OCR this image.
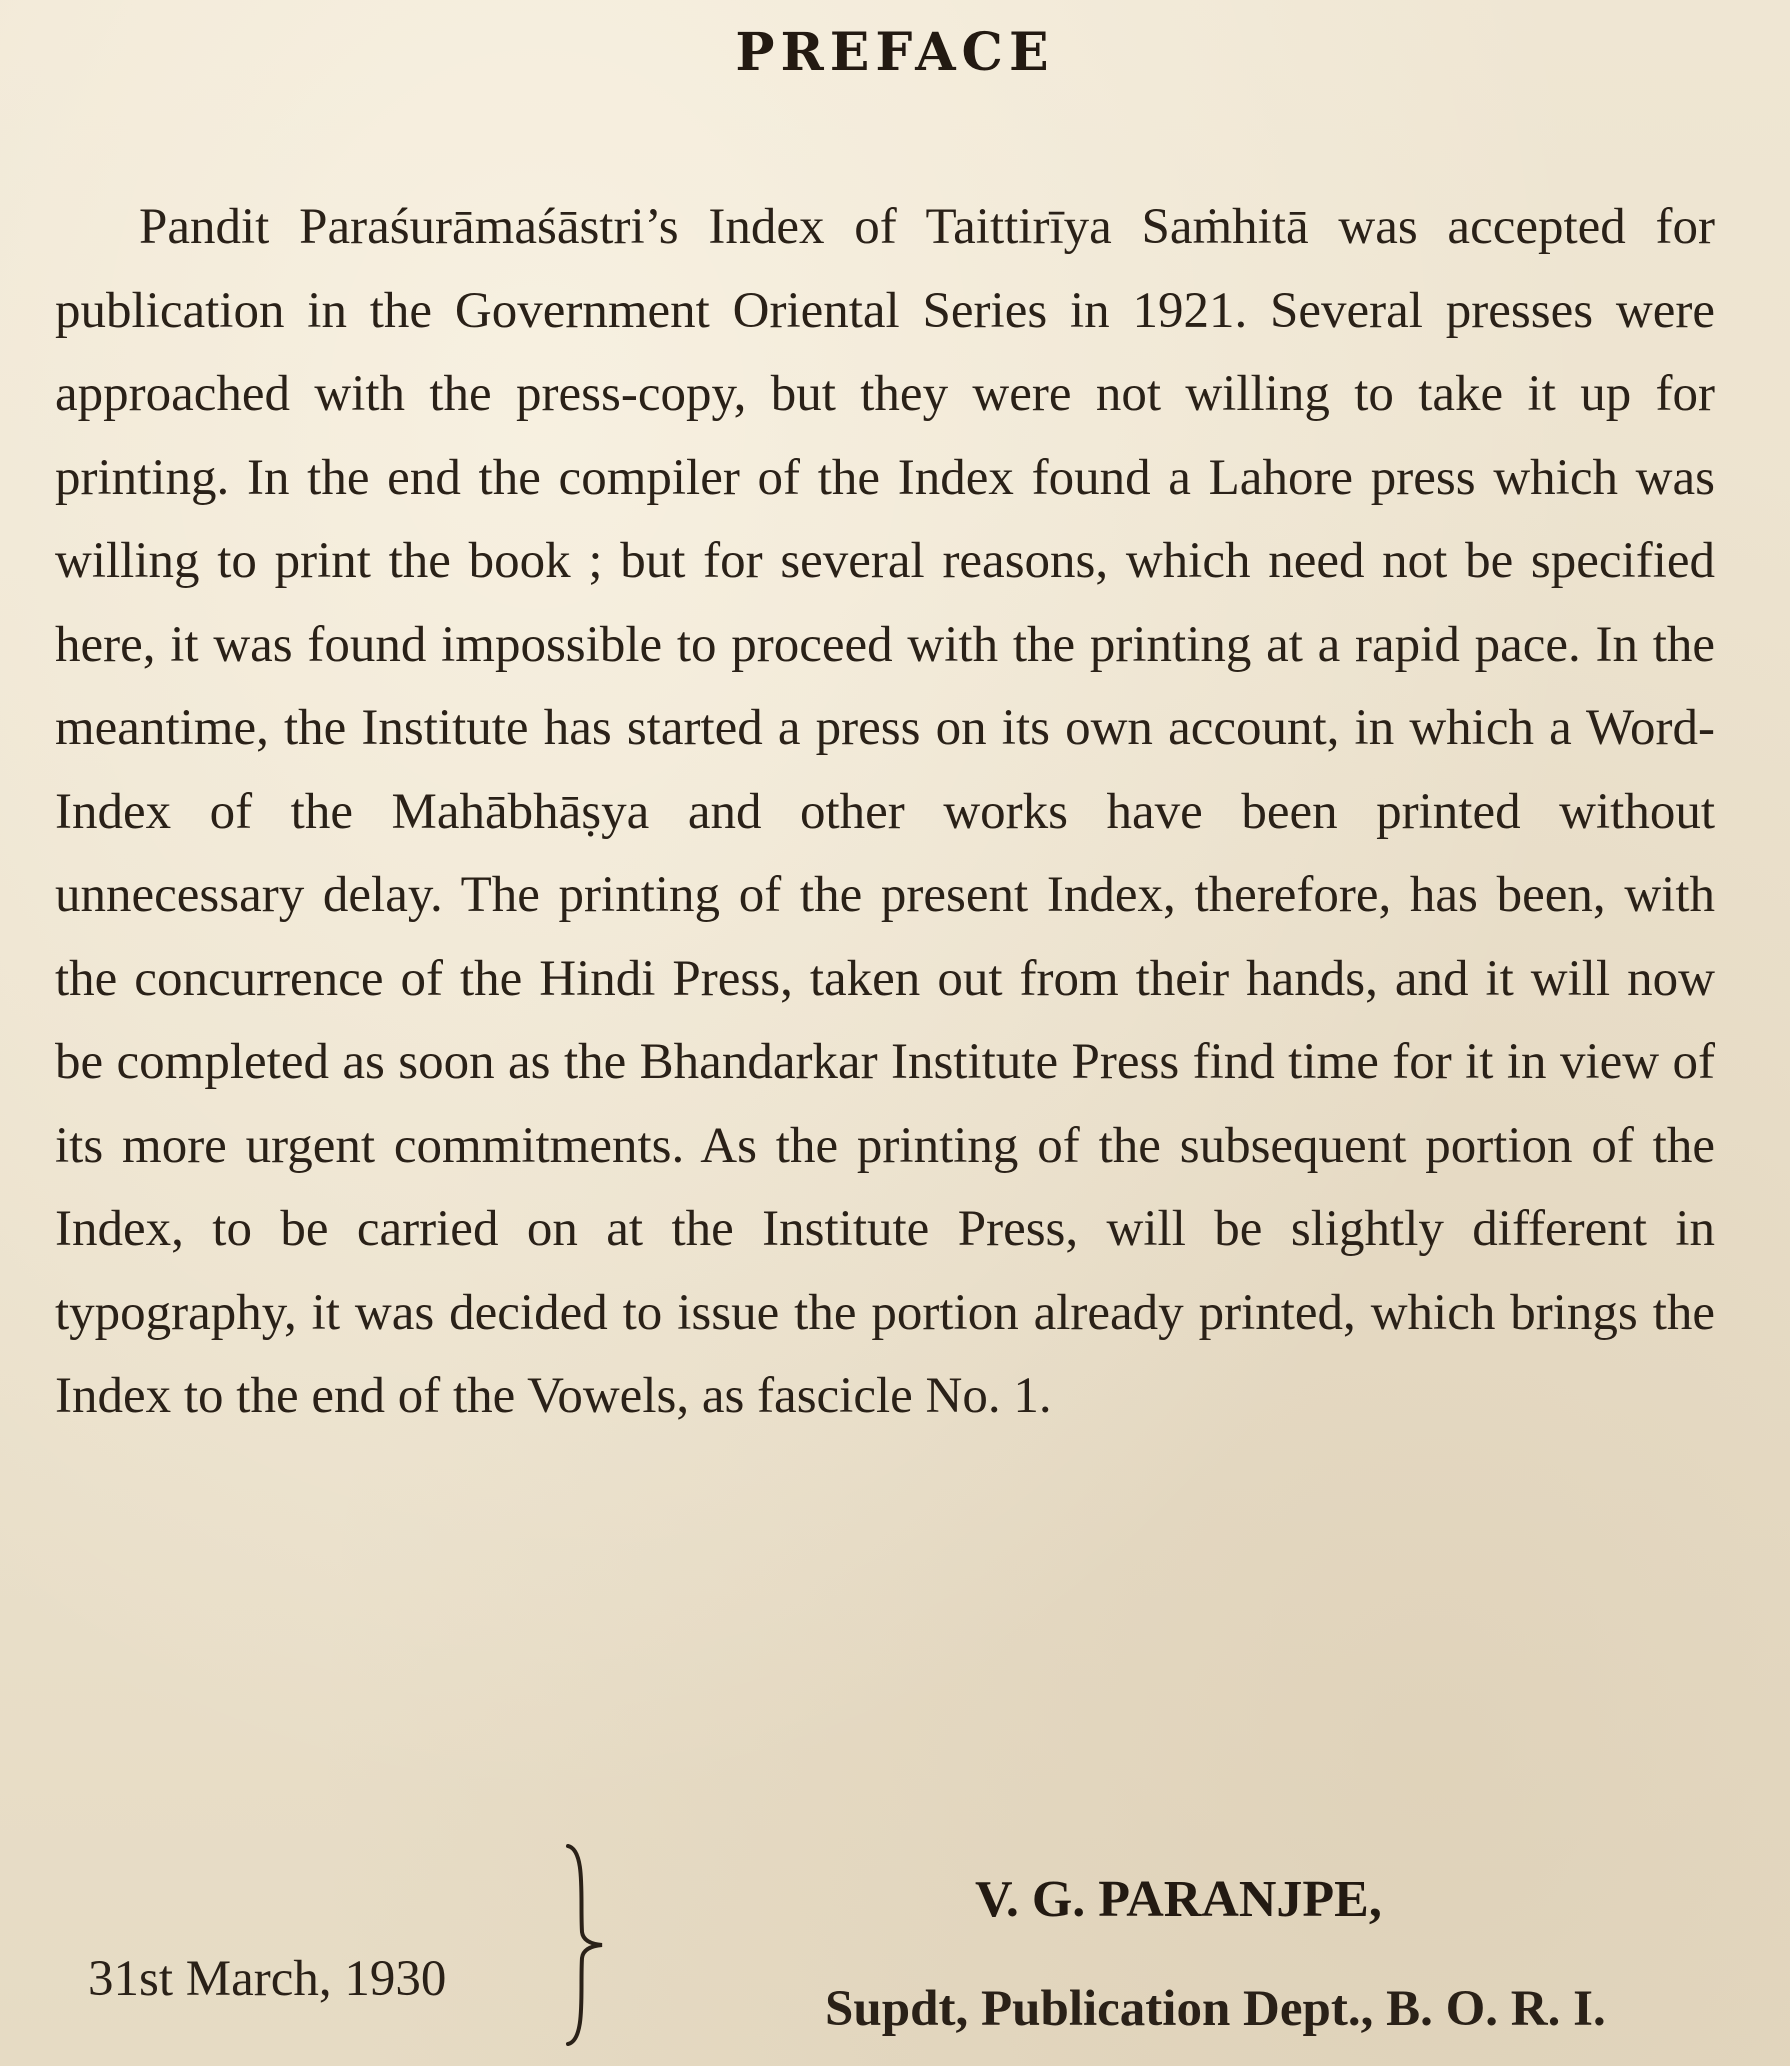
PREFACE

Pandit Paraśurāmaśāstri’s Index of Taittirīya Saṁhitā was accepted for publication in the Government Oriental Series in 1921. Several presses were approached with the press-copy, but they were not willing to take it up for printing. In the end the compiler of the Index found a Lahore press which was willing to print the book ; but for several reasons, which need not be specified here, it was found impossible to proceed with the printing at a rapid pace. In the meantime, the Institute has started a press on its own account, in which a Word-Index of the Mahābhāṣya and other works have been printed without unnecessary delay. The printing of the present Index, therefore, has been, with the concurrence of the Hindi Press, taken out from their hands, and it will now be completed as soon as the Bhandarkar Institute Press find time for it in view of its more urgent commitments. As the printing of the subsequent portion of the Index, to be carried on at the Institute Press, will be slightly different in typography, it was decided to issue the portion already printed, which brings the Index to the end of the Vowels, as fascicle No. 1.

31st March, 1930
V. G. PARANJPE,
Supdt, Publication Dept., B. O. R. I.
